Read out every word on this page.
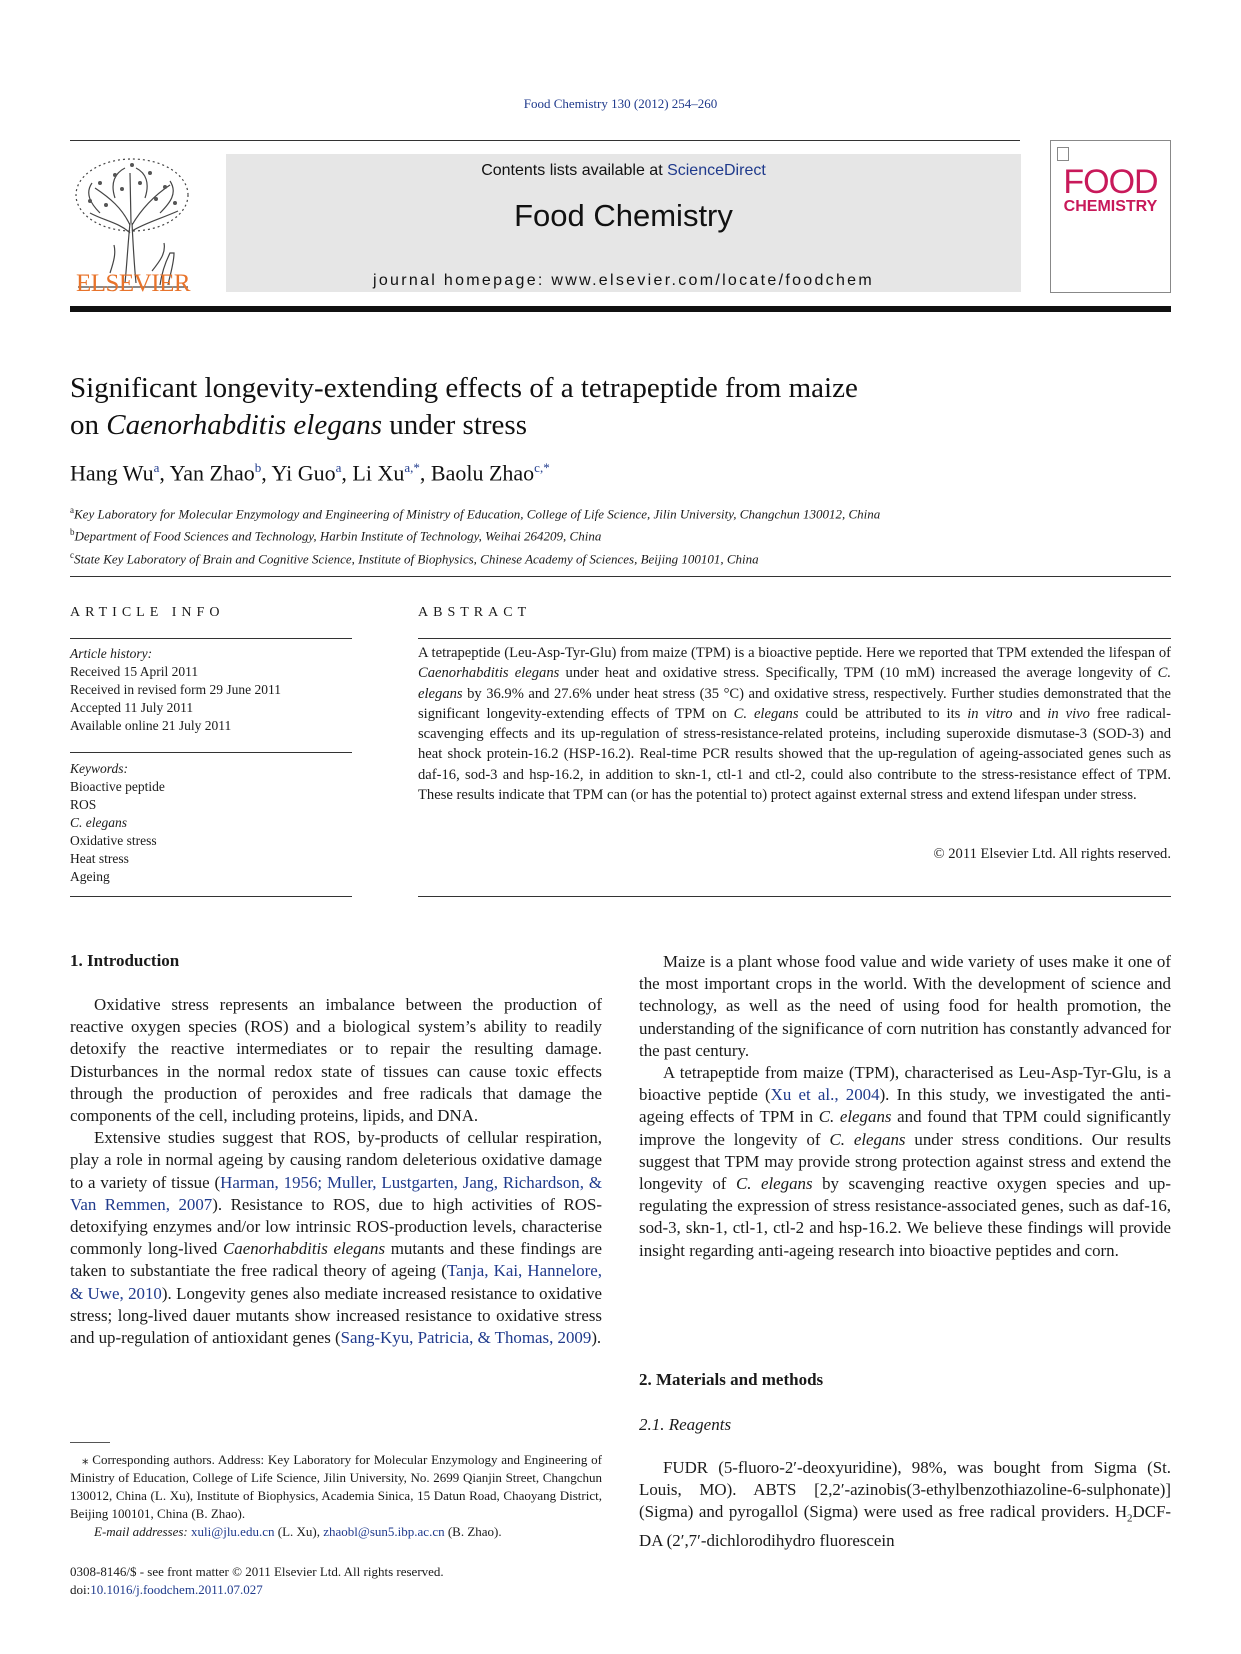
Food Chemistry 130 (2012) 254–260
ELSEVIER
Contents lists available at ScienceDirect
Food Chemistry
journal homepage: www.elsevier.com/locate/foodchem
FOOD
CHEMISTRY
Significant longevity-extending effects of a tetrapeptide from maize
on Caenorhabditis elegans under stress
Hang Wu$^a$, Yan Zhao$^b$, Yi Guo$^a$, Li $Xu^{a,*}$, Baolu Zhao$^{c,*}$
$^a$Key Laboratory for Molecular Enzymology and Engineering of Ministry of Education, College of Life Science, Jilin University, Changchun 130012, China
$^b$Department of Food Sciences and Technology, Harbin Institute of Technology, Weihai 264209, China
$^c$State Key Laboratory of Brain and Cognitive Science, Institute of Biophysics, Chinese Academy of Sciences, Beijing 100101, China
ARTICLE INFO
Article history:
Received 15 April 2011
Received in revised form 29 June 2011
Accepted 11 July 2011
Available online 21 July 2011
Keywords:
Bioactive peptide
ROS
C. elegans
Oxidative stress
Heat stress
Ageing
ABSTRACT
A tetrapeptide (Leu-Asp-Tyr-Glu) from maize (TPM) is a bioactive peptide. Here we reported that TPM extended the lifespan of Caenorhabditis elegans under heat and oxidative stress. Specifically, TPM (10 mM) increased the average longevity of C. elegans by 36.9% and 27.6% under heat stress (35 °C) and oxidative stress, respectively. Further studies demonstrated that the significant longevity-extending effects of TPM on C. elegans could be attributed to its in vitro and in vivo free radical-scavenging effects and its up-regulation of stress-resistance-related proteins, including superoxide dismutase-3 (SOD-3) and heat shock protein-16.2 (HSP-16.2). Real-time PCR results showed that the up-regulation of ageing-associated genes such as daf-16, sod-3 and hsp-16.2, in addition to skn-1, ctl-1 and ctl-2, could also contribute to the stress-resistance effect of TPM. These results indicate that TPM can (or has the potential to) protect against external stress and extend lifespan under stress.
© 2011 Elsevier Ltd. All rights reserved.
1. Introduction

Oxidative stress represents an imbalance between the production of reactive oxygen species (ROS) and a biological system’s ability to readily detoxify the reactive intermediates or to repair the resulting damage. Disturbances in the normal redox state of tissues can cause toxic effects through the production of peroxides and free radicals that damage the components of the cell, including proteins, lipids, and DNA.

Extensive studies suggest that ROS, by-products of cellular respiration, play a role in normal ageing by causing random deleterious oxidative damage to a variety of tissue (Harman, 1956; Muller, Lustgarten, Jang, Richardson, & Van Remmen, 2007). Resistance to ROS, due to high activities of ROS-detoxifying enzymes and/or low intrinsic ROS-production levels, characterise commonly long-lived Caenorhabditis elegans mutants and these findings are taken to substantiate the free radical theory of ageing (Tanja, Kai, Hannelore, & Uwe, 2010). Longevity genes also mediate increased resistance to oxidative stress; long-lived dauer mutants show increased resistance to oxidative stress and up-regulation of antioxidant genes (Sang-Kyu, Patricia, & Thomas, 2009).

⁎ Corresponding authors. Address: Key Laboratory for Molecular Enzymology and Engineering of Ministry of Education, College of Life Science, Jilin University, No. 2699 Qianjin Street, Changchun 130012, China (L. Xu), Institute of Biophysics, Academia Sinica, 15 Datun Road, Chaoyang District, Beijing 100101, China (B. Zhao).
E-mail addresses: xuli@jlu.edu.cn (L. Xu), zhaobl@sun5.ibp.ac.cn (B. Zhao).
0308-8146/$ - see front matter © 2011 Elsevier Ltd. All rights reserved.
doi:10.1016/j.foodchem.2011.07.027

Maize is a plant whose food value and wide variety of uses make it one of the most important crops in the world. With the development of science and technology, as well as the need of using food for health promotion, the understanding of the significance of corn nutrition has constantly advanced for the past century.

A tetrapeptide from maize (TPM), characterised as Leu-Asp-Tyr-Glu, is a bioactive peptide (Xu et al., 2004). In this study, we investigated the anti-ageing effects of TPM in C. elegans and found that TPM could significantly improve the longevity of C. elegans under stress conditions. Our results suggest that TPM may provide strong protection against stress and extend the longevity of C. elegans by scavenging reactive oxygen species and up-regulating the expression of stress resistance-associated genes, such as daf-16, sod-3, skn-1, ctl-1, ctl-2 and hsp-16.2. We believe these findings will provide insight regarding anti-ageing research into bioactive peptides and corn.

2. Materials and methods
2.1. Reagents

FUDR (5-fluoro-2′-deoxyuridine), 98%, was bought from Sigma (St. Louis, MO). ABTS [2,2′-azinobis(3-ethylbenzothiazoline-6-sulphonate)] (Sigma) and pyrogallol (Sigma) were used as free radical providers. $H_2DCF-DA$ (2′,7′-dichlorodihydro fluorescein
